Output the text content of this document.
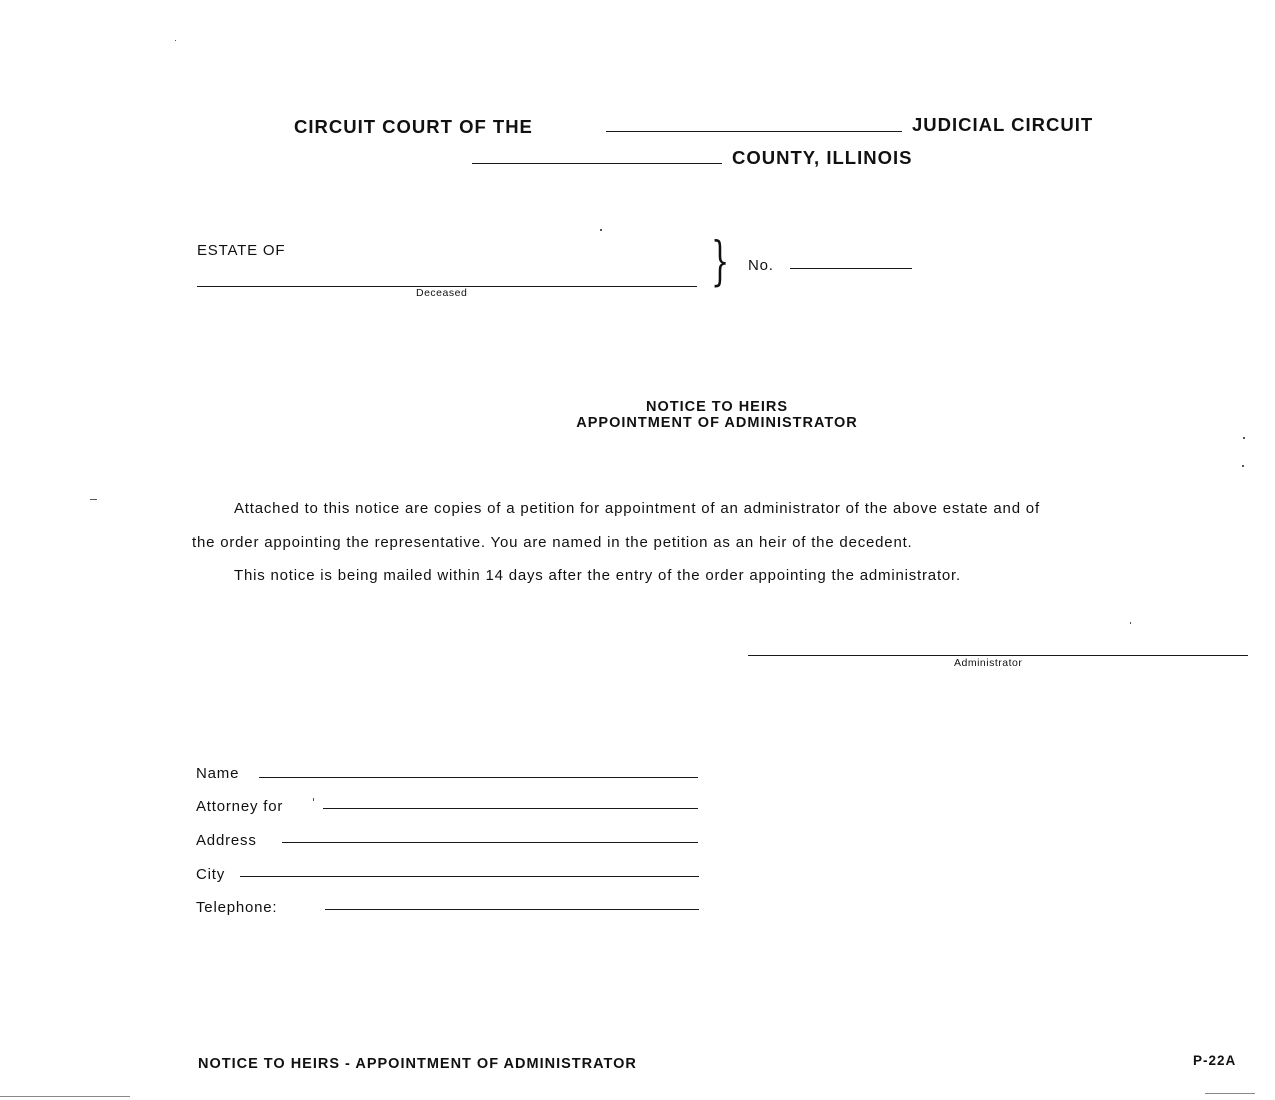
CIRCUIT COURT OF THE	JUDICIAL CIRCUIT
COUNTY, ILLINOIS
ESTATE OF
Deceased
} No.
NOTICE TO HEIRS
APPOINTMENT OF ADMINISTRATOR
Attached to this notice are copies of a petition for appointment of an administrator of the above estate and of
the order appointing the representative. You are named in the petition as an heir of the decedent.
This notice is being mailed within 14 days after the entry of the order appointing the administrator.
Administrator
Name
Attorney for
Address
City
Telephone:
NOTICE TO HEIRS - APPOINTMENT OF ADMINISTRATOR	P-22A
